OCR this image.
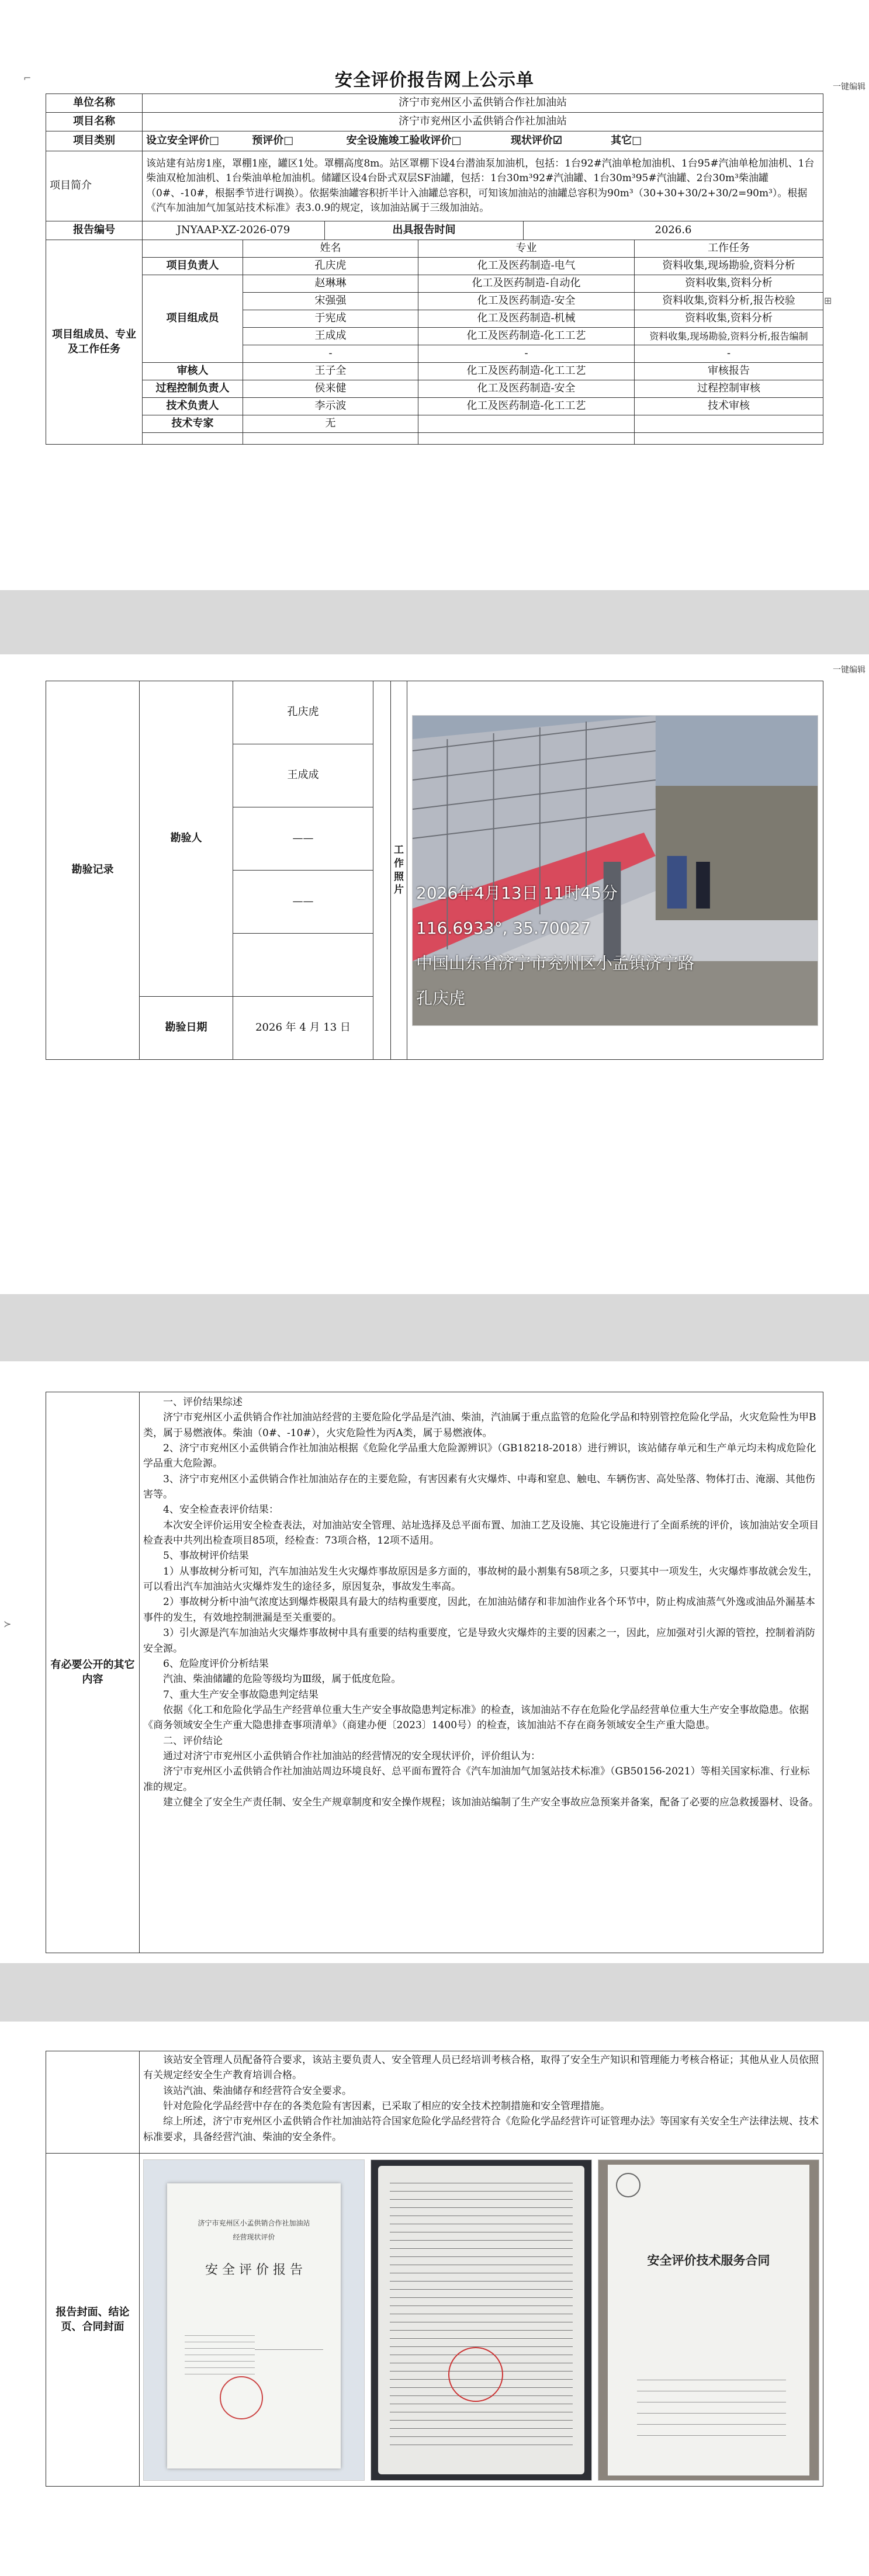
⌐
一键编辑
安全评价报告网上公示单
⊞
单位名称	济宁市兖州区小孟供销合作社加油站					
项目名称	济宁市兖州区小孟供销合作社加油站					
项目类别	设立安全评价□ 预评价□ 安全设施竣工验收评价□ 现状评价☑ 其它□					
项目简介	该站建有站房1座，罩棚1座，罐区1处。罩棚高度8m。站区罩棚下设4台潜油泵加油机，包括：1台92#汽油单枪加油机、1台95#汽油单枪加油机、1台柴油双枪加油机、1台柴油单枪加油机。储罐区设4台卧式双层SF油罐，包括：1台30m³92#汽油罐、1台30m³95#汽油罐、2台30m³柴油罐（0#、-10#，根据季节进行调换）。依据柴油罐容积折半计入油罐总容积，可知该加油站的油罐总容积为90m³（30+30+30/2+30/2=90m³）。根据《汽车加油加气加氢站技术标准》表3.0.9的规定，该加油站属于三级加油站。					
报告编号	JNYAAP-XZ-2026-079		出具报告时间		2026.6	
项目组成员、专业及工作任务		姓名		专业		工作任务
	项目负责人	孔庆虎		化工及医药制造-电气		资料收集,现场勘验,资料分析
	项目组成员	赵琳琳		化工及医药制造-自动化		资料收集,资料分析
		宋强强		化工及医药制造-安全		资料收集,资料分析,报告校验
		于宪成		化工及医药制造-机械		资料收集,资料分析
		王成成		化工及医药制造-化工工艺		资料收集,现场勘验,资料分析,报告编制
		-		-		-
	审核人	王子全		化工及医药制造-化工工艺		审核报告
	过程控制负责人	侯来健		化工及医药制造-安全		过程控制审核
	技术负责人	李示波		化工及医药制造-化工工艺		技术审核
	技术专家	无				

一键编辑
勘验记录	勘验人	孔庆虎		工作照片	2026年4月13日 11时45分
116.6933°, 35.70027
中国山东省济宁市兖州区小孟镇济宁路
孔庆虎

		王成成			
		——			
		——			

	勘验日期	2026 年 4 月 13 日			
≻
有必要公开的其它内容	

一、评价结果综述

济宁市兖州区小孟供销合作社加油站经营的主要危险化学品是汽油、柴油，汽油属于重点监管的危险化学品和特别管控危险化学品，火灾危险性为甲B类，属于易燃液体。柴油（0#、-10#），火灾危险性为丙A类，属于易燃液体。

2、济宁市兖州区小孟供销合作社加油站根据《危险化学品重大危险源辨识》（GB18218-2018）进行辨识，该站储存单元和生产单元均未构成危险化学品重大危险源。

3、济宁市兖州区小孟供销合作社加油站存在的主要危险，有害因素有火灾爆炸、中毒和窒息、触电、车辆伤害、高处坠落、物体打击、淹溺、其他伤害等。

4、安全检查表评价结果：

本次安全评价运用安全检查表法，对加油站安全管理、站址选择及总平面布置、加油工艺及设施、其它设施进行了全面系统的评价，该加油站安全项目检查表中共列出检查项目85项，经检查：73项合格，12项不适用。

5、事故树评价结果

1）从事故树分析可知，汽车加油站发生火灾爆炸事故原因是多方面的，事故树的最小割集有58项之多，只要其中一项发生，火灾爆炸事故就会发生，可以看出汽车加油站火灾爆炸发生的途径多，原因复杂，事故发生率高。

2）事故树分析中油气浓度达到爆炸极限具有最大的结构重要度，因此，在加油站储存和非加油作业各个环节中，防止构成油蒸气外逸或油品外漏基本事件的发生，有效地控制泄漏是至关重要的。

3）引火源是汽车加油站火灾爆炸事故树中具有重要的结构重要度，它是导致火灾爆炸的主要的因素之一，因此，应加强对引火源的管控，控制着消防安全源。

6、危险度评价分析结果

汽油、柴油储罐的危险等级均为Ⅲ级，属于低度危险。

7、重大生产安全事故隐患判定结果

依据《化工和危险化学品生产经营单位重大生产安全事故隐患判定标准》的检查，该加油站不存在危险化学品经营单位重大生产安全事故隐患。依据《商务领域安全生产重大隐患排查事项清单》（商建办便〔2023〕1400号）的检查，该加油站不存在商务领域安全生产重大隐患。

二、评价结论

通过对济宁市兖州区小孟供销合作社加油站的经营情况的安全现状评价，评价组认为：

济宁市兖州区小孟供销合作社加油站周边环境良好、总平面布置符合《汽车加油加气加氢站技术标准》（GB50156-2021）等相关国家标准、行业标准的规定。

建立健全了安全生产责任制、安全生产规章制度和安全操作规程；该加油站编制了生产安全事故应急预案并备案，配备了必要的应急救援器材、设备。

	该站安全管理人员配备符合要求，该站主要负责人、安全管理人员已经培训考核合格，取得了安全生产知识和管理能力考核合格证；其他从业人员依照有关规定经安全生产教育培训合格。

该站汽油、柴油储存和经营符合安全要求。

针对危险化学品经营中存在的各类危险有害因素，已采取了相应的安全技术控制措施和安全管理措施。

综上所述，济宁市兖州区小孟供销合作社加油站符合国家危险化学品经营符合《危险化学品经营许可证管理办法》等国家有关安全生产法律法规、技术标准要求，具备经营汽油、柴油的安全条件。

报告封面、结论页、合同封面	济宁市兖州区小孟供销合作社加油站
经营现状评价
安 全 评 价 报 告
安全评价技术服务合同
